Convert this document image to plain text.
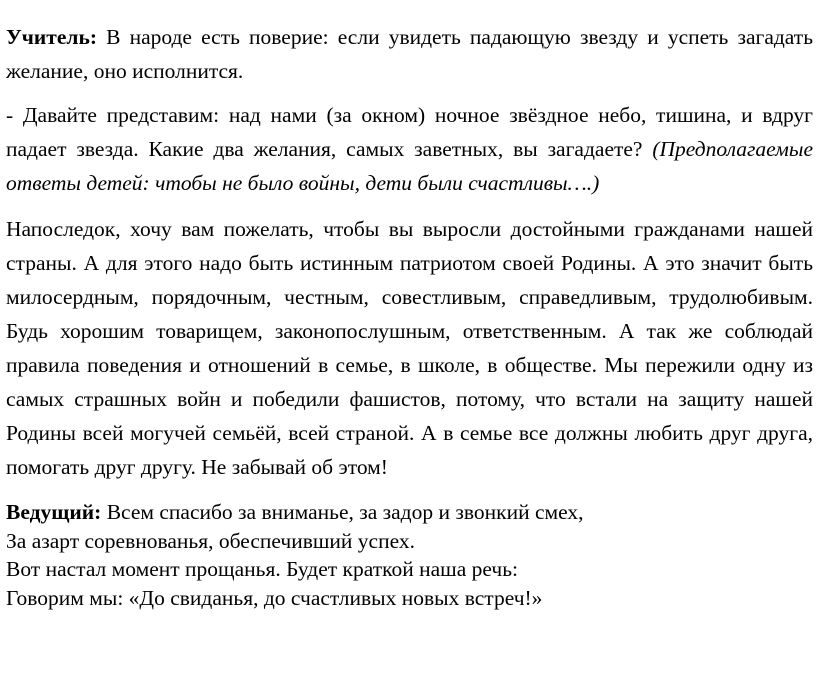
Учитель: В народе есть поверие: если увидеть падающую звезду и успеть загадать желание, оно исполнится.

- Давайте представим: над нами (за окном) ночное звёздное небо, тишина, и вдруг падает звезда. Какие два желания, самых заветных, вы загадаете? (Предполагаемые ответы детей: чтобы не было войны, дети были счастливы….)

Напоследок, хочу вам пожелать, чтобы вы выросли достойными гражданами нашей страны. А для этого надо быть истинным патриотом своей Родины. А это значит быть милосердным, порядочным, честным, совестливым, справедливым, трудолюбивым. Будь хорошим товарищем, законопослушным, ответственным. А так же соблюдай правила поведения и отношений в семье, в школе, в обществе. Мы пережили одну из самых страшных войн и победили фашистов, потому, что встали на защиту нашей Родины всей могучей семьёй, всей страной. А в семье все должны любить друг друга, помогать друг другу. Не забывай об этом!

Ведущий: Всем спасибо за вниманье, за задор и звонкий смех,
За азарт соревнованья, обеспечивший успех.
Вот настал момент прощанья. Будет краткой наша речь:
Говорим мы: «До свиданья, до счастливых новых встреч!»
